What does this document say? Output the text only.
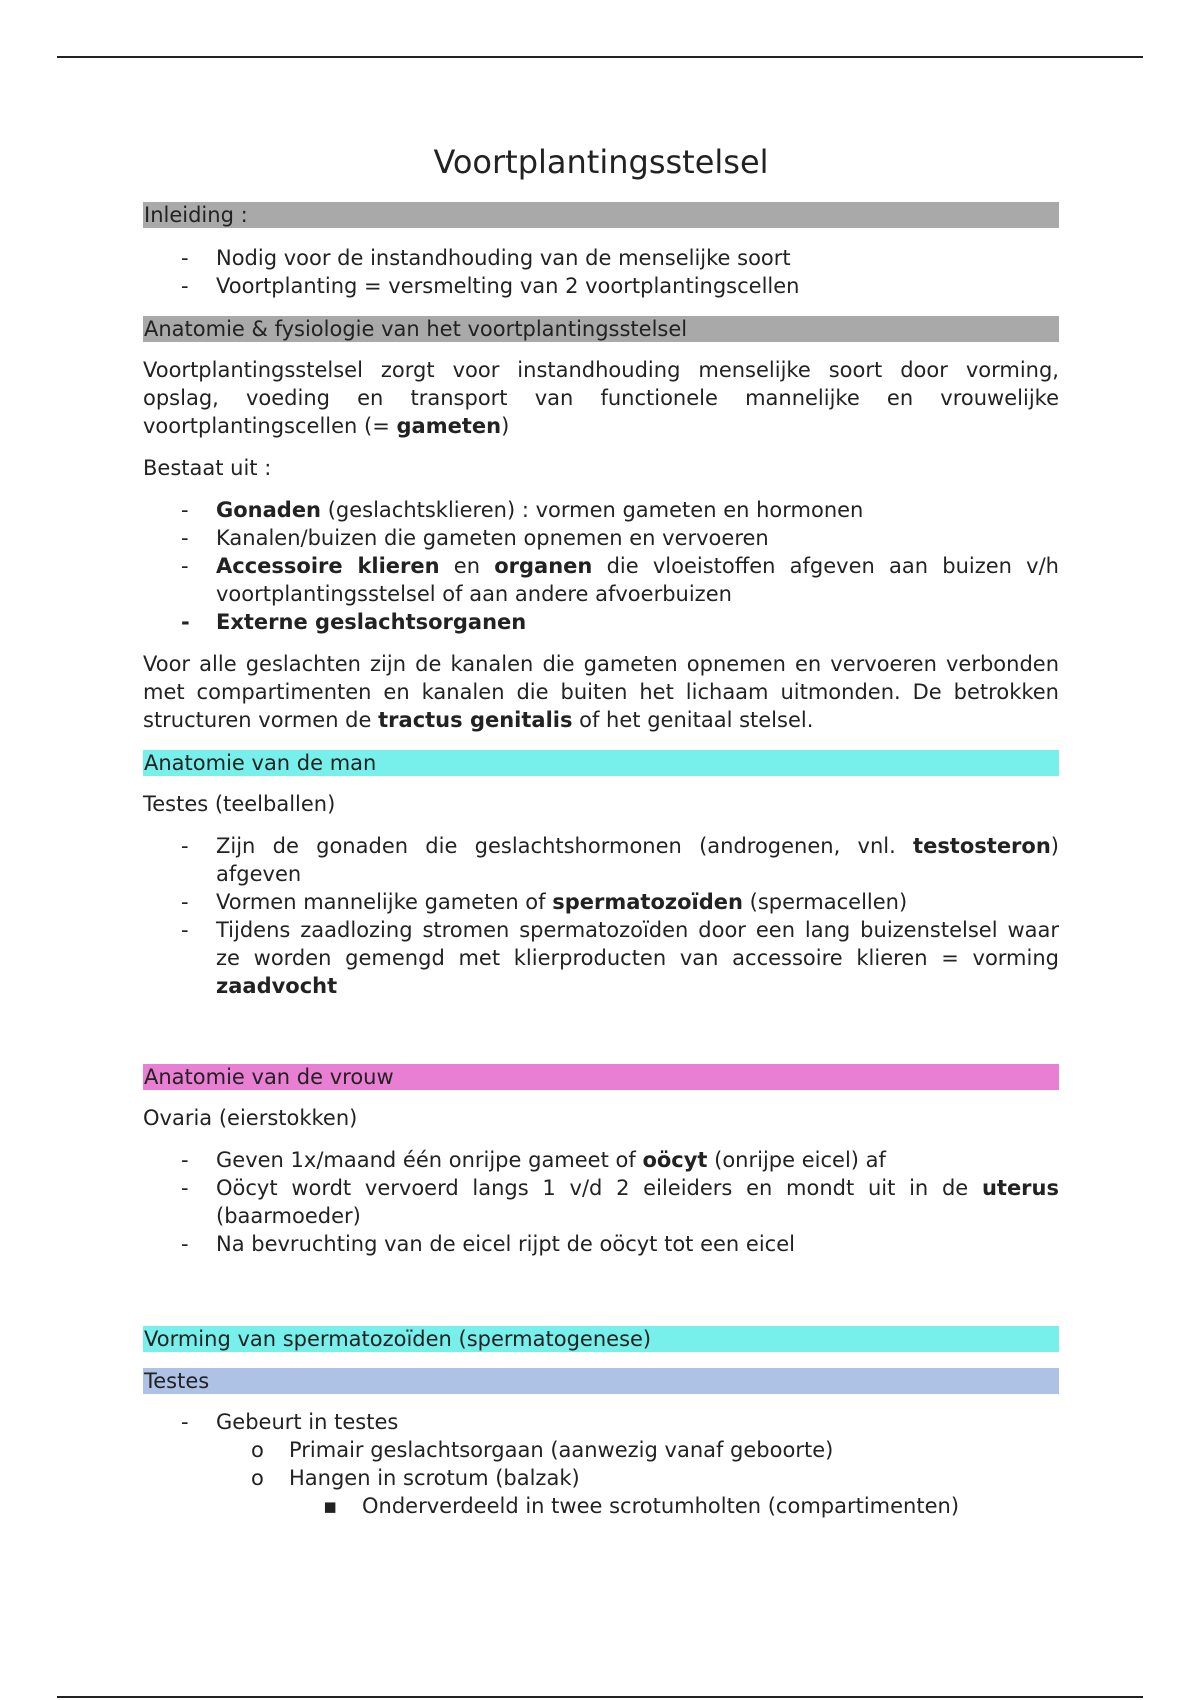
Voortplantingsstelsel
Inleiding :
- Nodig voor de instandhouding van de menselijke soort
- Voortplanting = versmelting van 2 voortplantingscellen
Anatomie & fysiologie van het voortplantingsstelsel

Voortplantingsstelsel zorgt voor instandhouding menselijke soort door vorming, opslag, voeding en transport van functionele mannelijke en vrouwelijke voortplantingscellen (= gameten)

Bestaat uit :

- Gonaden (geslachtsklieren) : vormen gameten en hormonen
- Kanalen/buizen die gameten opnemen en vervoeren
- Accessoire klieren en organen die vloeistoffen afgeven aan buizen v/h voortplantingsstelsel of aan andere afvoerbuizen
- Externe geslachtsorganen

Voor alle geslachten zijn de kanalen die gameten opnemen en vervoeren verbonden met compartimenten en kanalen die buiten het lichaam uitmonden. De betrokken structuren vormen de tractus genitalis of het genitaal stelsel.

Anatomie van de man

Testes (teelballen)

- Zijn de gonaden die geslachtshormonen (androgenen, vnl. testosteron) afgeven
- Vormen mannelijke gameten of spermatozoïden (spermacellen)
- Tijdens zaadlozing stromen spermatozoïden door een lang buizenstelsel waar ze worden gemengd met klierproducten van accessoire klieren = vorming zaadvocht
Anatomie van de vrouw

Ovaria (eierstokken)

- Geven 1x/maand één onrijpe gameet of oöcyt (onrijpe eicel) af
- Oöcyt wordt vervoerd langs 1 v/d 2 eileiders en mondt uit in de uterus (baarmoeder)
- Na bevruchting van de eicel rijpt de oöcyt tot een eicel
Vorming van spermatozoïden (spermatogenese)
Testes
- Gebeurt in testes
o Primair geslachtsorgaan (aanwezig vanaf geboorte)
o Hangen in scrotum (balzak)
▪ Onderverdeeld in twee scrotumholten (compartimenten)
